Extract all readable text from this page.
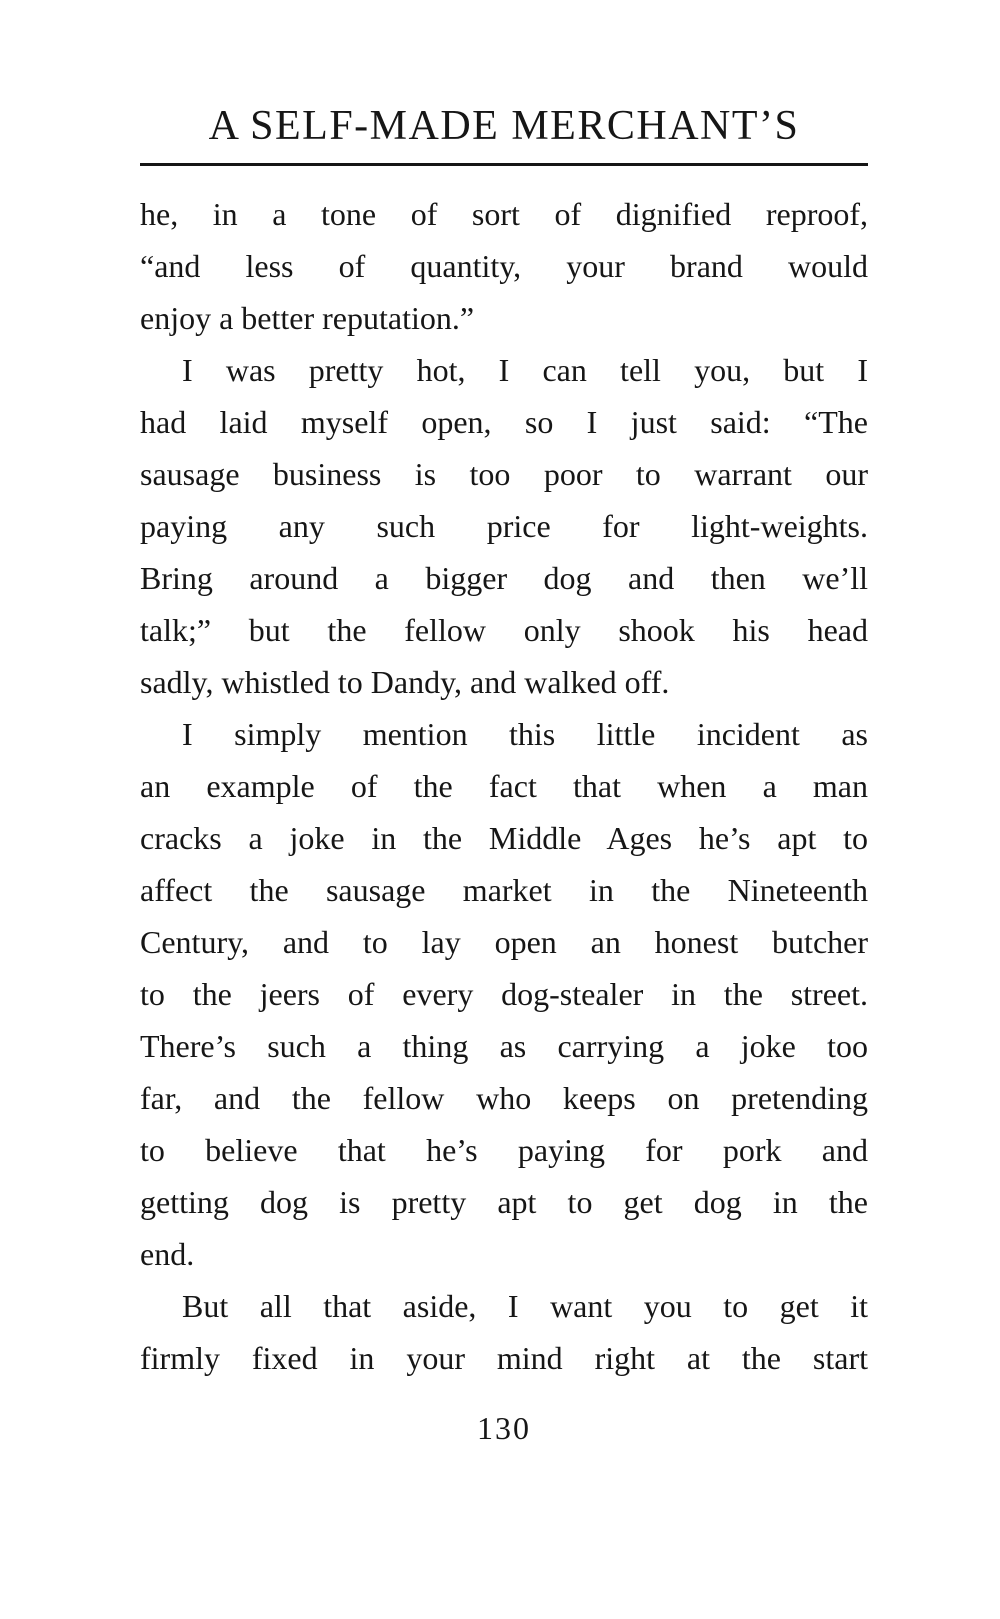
A SELF-MADE MERCHANT’S
he, in a tone of sort of dignified reproof,
“and less of quantity, your brand would
enjoy a better reputation.”
I was pretty hot, I can tell you, but I
had laid myself open, so I just said: “The
sausage business is too poor to warrant our
paying any such price for light-weights.
Bring around a bigger dog and then we’ll
talk;” but the fellow only shook his head
sadly, whistled to Dandy, and walked off.
I simply mention this little incident as
an example of the fact that when a man
cracks a joke in the Middle Ages he’s apt to
affect the sausage market in the Nineteenth
Century, and to lay open an honest butcher
to the jeers of every dog-stealer in the street.
There’s such a thing as carrying a joke too
far, and the fellow who keeps on pretending
to believe that he’s paying for pork and
getting dog is pretty apt to get dog in the
end.
But all that aside, I want you to get it
firmly fixed in your mind right at the start
130
